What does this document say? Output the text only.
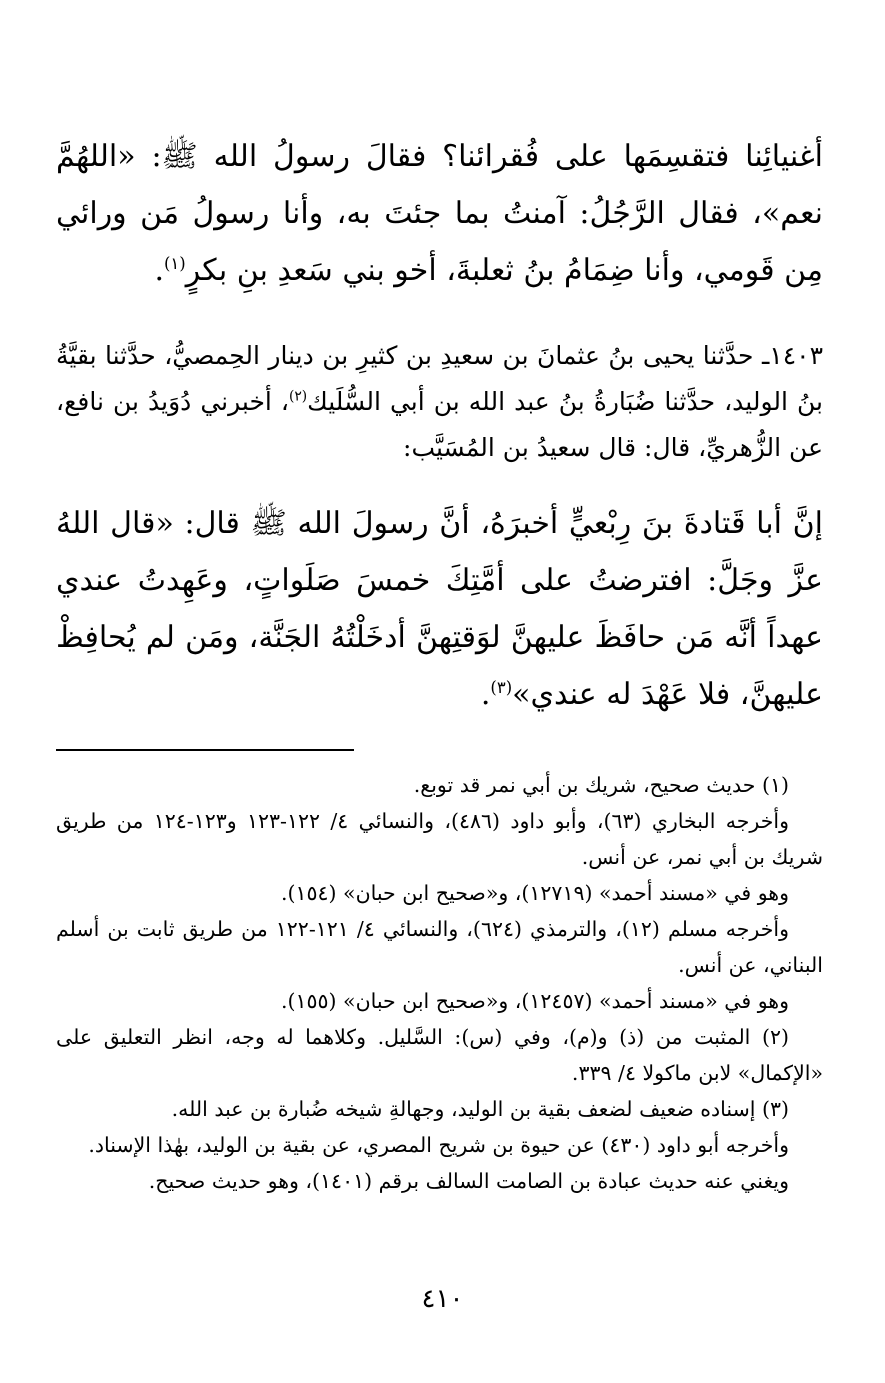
أغنيائِنا فتقسِمَها على فُقرائنا؟ فقالَ رسولُ الله ﷺ: «اللهُمَّ نعم»، فقال الرَّجُلُ: آمنتُ بما جئتَ به، وأنا رسولُ مَن ورائي مِن قَومي، وأنا ضِمَامُ بنُ ثعلبةَ، أخو بني سَعدِ بنِ بكرٍ$^{(١)}$.

١٤٠٣ـ حدَّثنا يحيى بنُ عثمانَ بن سعيدِ بن كثيرِ بن دينار الحِمصيُّ، حدَّثنا بقيَّةُ بنُ الوليد، حدَّثنا ضُبَارةُ بنُ عبد الله بن أبي السُّلَيك$^{(٢)}$، أخبرني دُوَيدُ بن نافع، عن الزُّهريِّ، قال: قال سعيدُ بن المُسَيَّب:

إنَّ أبا قَتادةَ بنَ رِبْعيٍّ أخبرَهُ، أنَّ رسولَ الله ﷺ قال: «قال اللهُ عزَّ وجَلَّ: افترضتُ على أمَّتِكَ خمسَ صَلَواتٍ، وعَهِدتُ عندي عهداً أنَّه مَن حافَظَ عليهنَّ لوَقتِهنَّ أدخَلْتُهُ الجَنَّة، ومَن لم يُحافِظْ عليهنَّ، فلا عَهْدَ له عندي»$^{(٣)}$.

(١) حديث صحيح، شريك بن أبي نمر قد توبع.

وأخرجه البخاري (٦٣)، وأبو داود (٤٨٦)، والنسائي ٤/ ١٢٢-١٢٣ و١٢٣-١٢٤ من طريق شريك بن أبي نمر، عن أنس.

وهو في «مسند أحمد» (١٢٧١٩)، و«صحيح ابن حبان» (١٥٤).

وأخرجه مسلم (١٢)، والترمذي (٦٢٤)، والنسائي ٤/ ١٢١-١٢٢ من طريق ثابت بن أسلم البناني، عن أنس.

وهو في «مسند أحمد» (١٢٤٥٧)، و«صحيح ابن حبان» (١٥٥).

(٢) المثبت من (ذ) و(م)، وفي (س): السَّليل. وكلاهما له وجه، انظر التعليق على «الإكمال» لابن ماكولا ٤/ ٣٣٩.

(٣) إسناده ضعيف لضعف بقية بن الوليد، وجهالةِ شيخه ضُبارة بن عبد الله.

وأخرجه أبو داود (٤٣٠) عن حيوة بن شريح المصري، عن بقية بن الوليد، بهٰذا الإسناد.

ويغني عنه حديث عبادة بن الصامت السالف برقم (١٤٠١)، وهو حديث صحيح.

٤١٠
